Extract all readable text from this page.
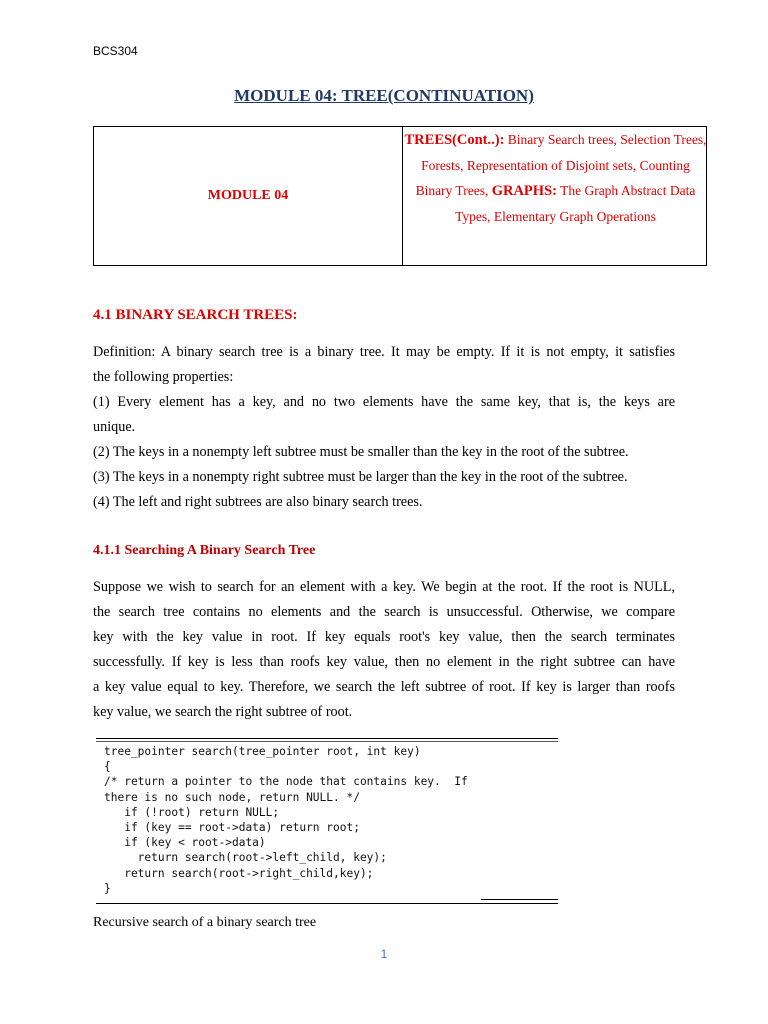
BCS304
MODULE 04: TREE(CONTINUATION)
MODULE 04
TREES(Cont..): Binary Search trees, Selection Trees, Forests, Representation of Disjoint sets, Counting Binary Trees, GRAPHS: The Graph Abstract Data Types, Elementary Graph Operations
4.1 BINARY SEARCH TREES:
Definition: A binary search tree is a binary tree. It may be empty. If it is not empty, it satisfies
the following properties:
(1) Every element has a key, and no two elements have the same key, that is, the keys are
unique.
(2) The keys in a nonempty left subtree must be smaller than the key in the root of the subtree.
(3) The keys in a nonempty right subtree must be larger than the key in the root of the subtree.
(4) The left and right subtrees are also binary search trees.
4.1.1 Searching A Binary Search Tree
Suppose we wish to search for an element with a key. We begin at the root. If the root is NULL,
the search tree contains no elements and the search is unsuccessful. Otherwise, we compare
key with the key value in root. If key equals root's key value, then the search terminates
successfully. If key is less than roofs key value, then no element in the right subtree can have
a key value equal to key. Therefore, we search the left subtree of root. If key is larger than roofs
key value, we search the right subtree of root.
tree_pointer search(tree_pointer root, int key)
{
/* return a pointer to the node that contains key.  If
there is no such node, return NULL. */
if (!root) return NULL;
if (key == root->data) return root;
if (key < root->data)
return search(root->left_child, key);
return search(root->right_child,key);
}
Recursive search of a binary search tree
1
